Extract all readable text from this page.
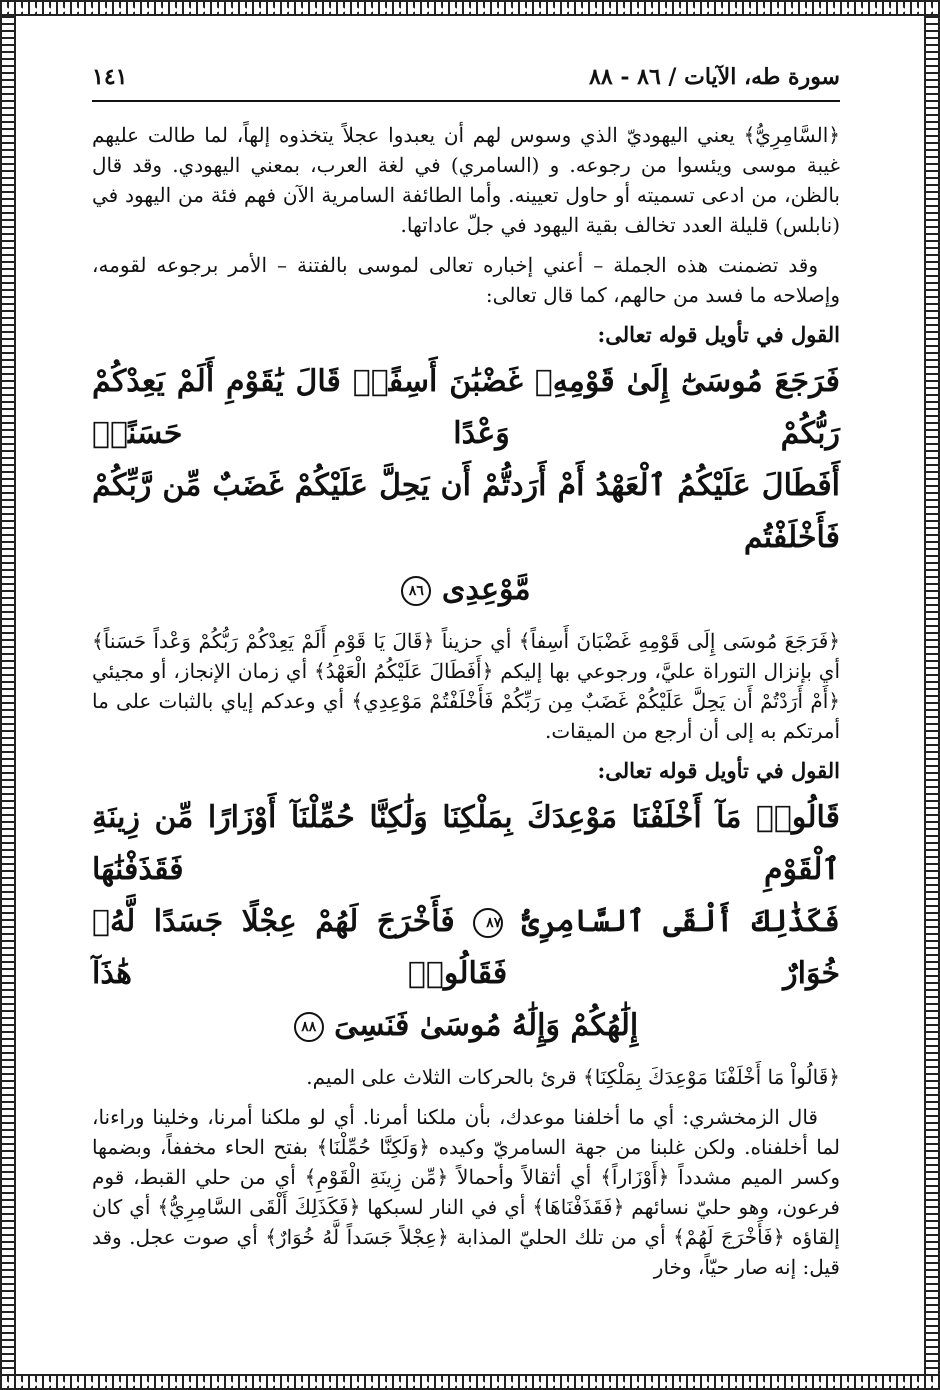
سورة طه، الآيات / ٨٦ - ٨٨
١٤١

﴿السَّامِرِيُّ﴾ يعني اليهوديّ الذي وسوس لهم أن يعبدوا عجلاً يتخذوه إلهاً، لما طالت عليهم غيبة موسى ويئسوا من رجوعه. و (السامري) في لغة العرب، بمعني اليهودي. وقد قال بالظن، من ادعى تسميته أو حاول تعيينه. وأما الطائفة السامرية الآن فهم فئة من اليهود في (نابلس) قليلة العدد تخالف بقية اليهود في جلّ عاداتها.

وقد تضمنت هذه الجملة – أعني إخباره تعالى لموسى بالفتنة – الأمر برجوعه لقومه، وإصلاحه ما فسد من حالهم، كما قال تعالى:

القول في تأويل قوله تعالى:

فَرَجَعَ مُوسَىٰٓ إِلَىٰ قَوْمِهِۦ غَضْبَٰنَ أَسِفًاۚ قَالَ يَٰقَوْمِ أَلَمْ يَعِدْكُمْ رَبُّكُمْ وَعْدًا حَسَنًاۚ
أَفَطَالَ عَلَيْكُمُ ٱلْعَهْدُ أَمْ أَرَدتُّمْ أَن يَحِلَّ عَلَيْكُمْ غَضَبٌ مِّن رَّبِّكُمْ فَأَخْلَفْتُم
مَّوْعِدِى ٨٦

﴿فَرَجَعَ مُوسَى إِلَى قَوْمِهِ غَضْبَانَ أَسِفاً﴾ أي حزيناً ﴿قَالَ يَا قَوْمِ أَلَمْ يَعِدْكُمْ رَبُّكُمْ وَعْداً حَسَناً﴾ أي بإنزال التوراة عليَّ، ورجوعي بها إليكم ﴿أَفَطَالَ عَلَيْكُمُ الْعَهْدُ﴾ أي زمان الإنجاز، أو مجيئي ﴿أَمْ أَرَدْتُمْ أَن يَحِلَّ عَلَيْكُمْ غَضَبٌ مِن رَبِّكُمْ فَأَخْلَفْتُمْ مَوْعِدِي﴾ أي وعدكم إياي بالثبات على ما أمرتكم به إلى أن أرجع من الميقات.

القول في تأويل قوله تعالى:

قَالُوا۟ مَآ أَخْلَفْنَا مَوْعِدَكَ بِمَلْكِنَا وَلَٰكِنَّا حُمِّلْنَآ أَوْزَارًا مِّن زِينَةِ ٱلْقَوْمِ فَقَذَفْنَٰهَا
فَكَذَٰلِكَ أَلْقَى ٱلسَّامِرِىُّ ٨٧ فَأَخْرَجَ لَهُمْ عِجْلًا جَسَدًا لَّهُۥ خُوَارٌ فَقَالُوا۟ هَٰذَآ
إِلَٰهُكُمْ وَإِلَٰهُ مُوسَىٰ فَنَسِىَ ٨٨

﴿قَالُواْ مَا أَخْلَفْنَا مَوْعِدَكَ بِمَلْكِنَا﴾ قرئ بالحركات الثلاث على الميم.

قال الزمخشري: أي ما أخلفنا موعدك، بأن ملكنا أمرنا. أي لو ملكنا أمرنا، وخلينا وراءنا، لما أخلفناه. ولكن غلبنا من جهة السامريّ وكيده ﴿وَلَكِنَّا حُمِّلْنَا﴾ بفتح الحاء مخففاً، وبضمها وكسر الميم مشدداً ﴿أَوْزَاراً﴾ أي أثقالاً وأحمالاً ﴿مِّن زِينَةِ الْقَوْمِ﴾ أي من حلي القبط، قوم فرعون، وهو حليّ نسائهم ﴿فَقَذَفْنَاهَا﴾ أي في النار لسبكها ﴿فَكَذَلِكَ أَلْقَى السَّامِرِيُّ﴾ أي كان إلقاؤه ﴿فَأَخْرَجَ لَهُمْ﴾ أي من تلك الحليّ المذابة ﴿عِجْلاً جَسَداً لَّهُ خُوَارٌ﴾ أي صوت عجل. وقد قيل: إنه صار حيّاً، وخار
